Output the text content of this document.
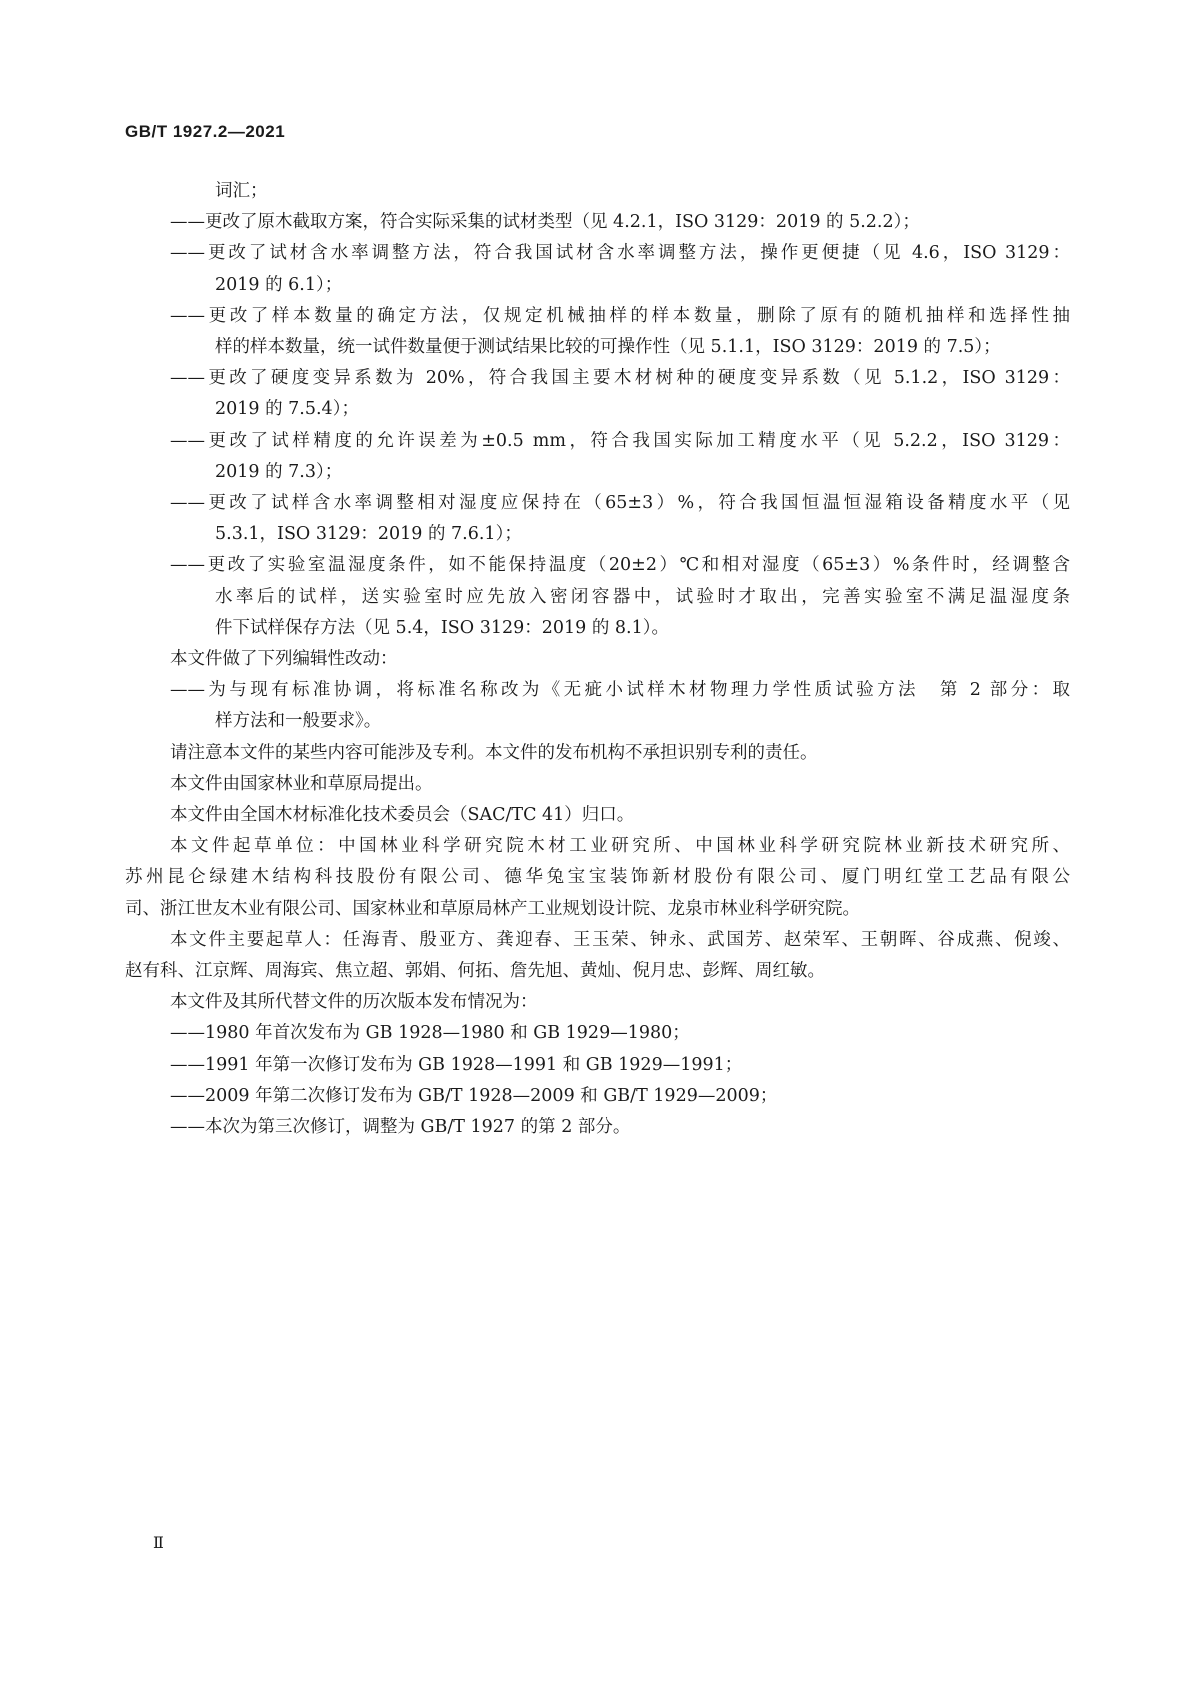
GB/T 1927.2—2021
词汇；
——更改了原木截取方案，符合实际采集的试材类型（见 4.2.1，ISO 3129：2019 的 5.2.2）；
——更改了试材含水率调整方法，符合我国试材含水率调整方法，操作更便捷（见 4.6，ISO 3129：
2019 的 6.1）；
——更改了样本数量的确定方法，仅规定机械抽样的样本数量，删除了原有的随机抽样和选择性抽
样的样本数量，统一试件数量便于测试结果比较的可操作性（见 5.1.1，ISO 3129：2019 的 7.5）；
——更改了硬度变异系数为 20%，符合我国主要木材树种的硬度变异系数（见 5.1.2，ISO 3129：
2019 的 7.5.4）；
——更改了试样精度的允许误差为±0.5 mm，符合我国实际加工精度水平（见 5.2.2，ISO 3129：
2019 的 7.3）；
——更改了试样含水率调整相对湿度应保持在（65±3）%，符合我国恒温恒湿箱设备精度水平（见
5.3.1，ISO 3129：2019 的 7.6.1）；
——更改了实验室温湿度条件，如不能保持温度（20±2）℃和相对湿度（65±3）%条件时，经调整含
水率后的试样，送实验室时应先放入密闭容器中，试验时才取出，完善实验室不满足温湿度条
件下试样保存方法（见 5.4，ISO 3129：2019 的 8.1）。
本文件做了下列编辑性改动：
——为与现有标准协调，将标准名称改为《无疵小试样木材物理力学性质试验方法　第 2 部分：取
样方法和一般要求》。
请注意本文件的某些内容可能涉及专利。本文件的发布机构不承担识别专利的责任。
本文件由国家林业和草原局提出。
本文件由全国木材标准化技术委员会（SAC/TC 41）归口。
本文件起草单位：中国林业科学研究院木材工业研究所、中国林业科学研究院林业新技术研究所、
苏州昆仑绿建木结构科技股份有限公司、德华兔宝宝装饰新材股份有限公司、厦门明红堂工艺品有限公
司、浙江世友木业有限公司、国家林业和草原局林产工业规划设计院、龙泉市林业科学研究院。
本文件主要起草人：任海青、殷亚方、龚迎春、王玉荣、钟永、武国芳、赵荣军、王朝晖、谷成燕、倪竣、
赵有科、江京辉、周海宾、焦立超、郭娟、何拓、詹先旭、黄灿、倪月忠、彭辉、周红敏。
本文件及其所代替文件的历次版本发布情况为：
——1980 年首次发布为 GB 1928—1980 和 GB 1929—1980；
——1991 年第一次修订发布为 GB 1928—1991 和 GB 1929—1991；
——2009 年第二次修订发布为 GB/T 1928—2009 和 GB/T 1929—2009；
——本次为第三次修订，调整为 GB/T 1927 的第 2 部分。
Ⅱ
